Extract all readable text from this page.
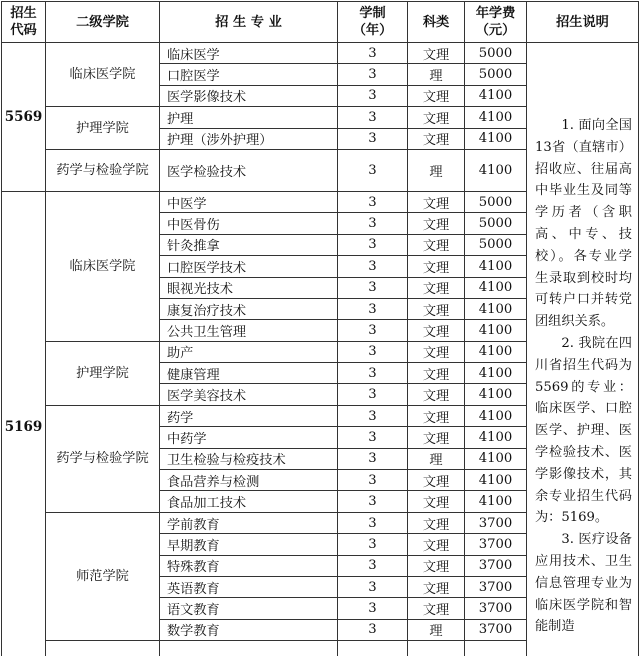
招生代码	二级学院	招 生 专 业	学制（年）	科类	年学费（元）	招生说明
5569	临床医学院	临床医学	3	文理	5000	1. 面向全国13省（直辖市）招收应、往届高中毕业生及同等学历者（含职高、中专、技校）。各专业学生录取到校时均可转户口并转党团组织关系。

2. 我院在四川省招生代码为5569的专业：临床医学、口腔医学、护理、医学检验技术、医学影像技术，其余专业招生代码为：5169。

3. 医疗设备应用技术、卫生信息管理专业为临床医学院和智能制造

		口腔医学	3	理	5000	
		医学影像技术	3	文理	4100	
	护理学院	护理	3	文理	4100	
		护理（涉外护理）	3	文理	4100	
	药学与检验学院	医学检验技术	3	理	4100	
5169	临床医学院	中医学	3	文理	5000	
		中医骨伤	3	文理	5000	
		针灸推拿	3	文理	5000	
		口腔医学技术	3	文理	4100	
		眼视光技术	3	文理	4100	
		康复治疗技术	3	文理	4100	
		公共卫生管理	3	文理	4100	
	护理学院	助产	3	文理	4100	
		健康管理	3	文理	4100	
		医学美容技术	3	文理	4100	
	药学与检验学院	药学	3	文理	4100	
		中药学	3	文理	4100	
		卫生检验与检疫技术	3	理	4100	
		食品营养与检测	3	文理	4100	
		食品加工技术	3	文理	4100	
	师范学院	学前教育	3	文理	3700	
		早期教育	3	文理	3700	
		特殊教育	3	文理	3700	
		英语教育	3	文理	3700	
		语文教育	3	文理	3700	
		数学教育	3	理	3700	
